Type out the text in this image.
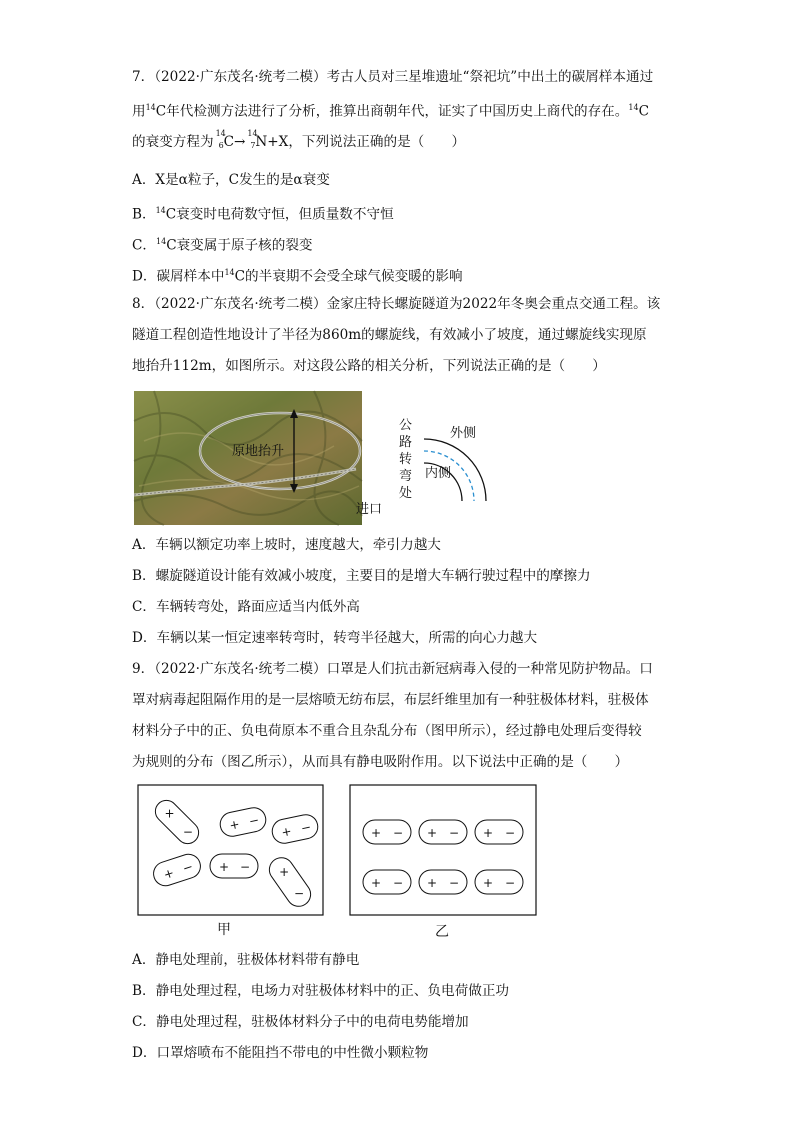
7．（2022·广东茂名·统考二模）考古人员对三星堆遗址“祭祀坑”中出土的碳屑样本通过
用$^{14}$C年代检测方法进行了分析，推算出商朝年代，证实了中国历史上商代的存在。$^{14}$C
的衰变方程为
14
6 C→
14
7 N+X，下列说法正确的是（　　）
A．X是α粒子，C发生的是α衰变
B．$^{14}$C衰变时电荷数守恒，但质量数不守恒
C．$^{14}$C衰变属于原子核的裂变
D．碳屑样本中$^{14}$C的半衰期不会受全球气候变暖的影响
8．（2022·广东茂名·统考二模）金家庄特长螺旋隧道为2022年冬奥会重点交通工程。该
隧道工程创造性地设计了半径为860m的螺旋线，有效减小了坡度，通过螺旋线实现原
地抬升112m，如图所示。对这段公路的相关分析，下列说法正确的是（　　）
原地抬升
进口
公
路
转
弯
处
外侧
内侧
A．车辆以额定功率上坡时，速度越大，牵引力越大
B．螺旋隧道设计能有效减小坡度，主要目的是增大车辆行驶过程中的摩擦力
C．车辆转弯处，路面应适当内低外高
D．车辆以某一恒定速率转弯时，转弯半径越大，所需的向心力越大
9．（2022·广东茂名·统考二模）口罩是人们抗击新冠病毒入侵的一种常见防护物品。口
罩对病毒起阻隔作用的是一层熔喷无纺布层，布层纤维里加有一种驻极体材料，驻极体
材料分子中的正、负电荷原本不重合且杂乱分布（图甲所示），经过静电处理后变得较
为规则的分布（图乙所示），从而具有静电吸附作用。以下说法中正确的是（　　）
+
−	+ −
+ −
+ − + − +
−
甲
+ − + − + −
+ − + − + −
乙
A．静电处理前，驻极体材料带有静电
B．静电处理过程，电场力对驻极体材料中的正、负电荷做正功
C．静电处理过程，驻极体材料分子中的电荷电势能增加
D．口罩熔喷布不能阻挡不带电的中性微小颗粒物
